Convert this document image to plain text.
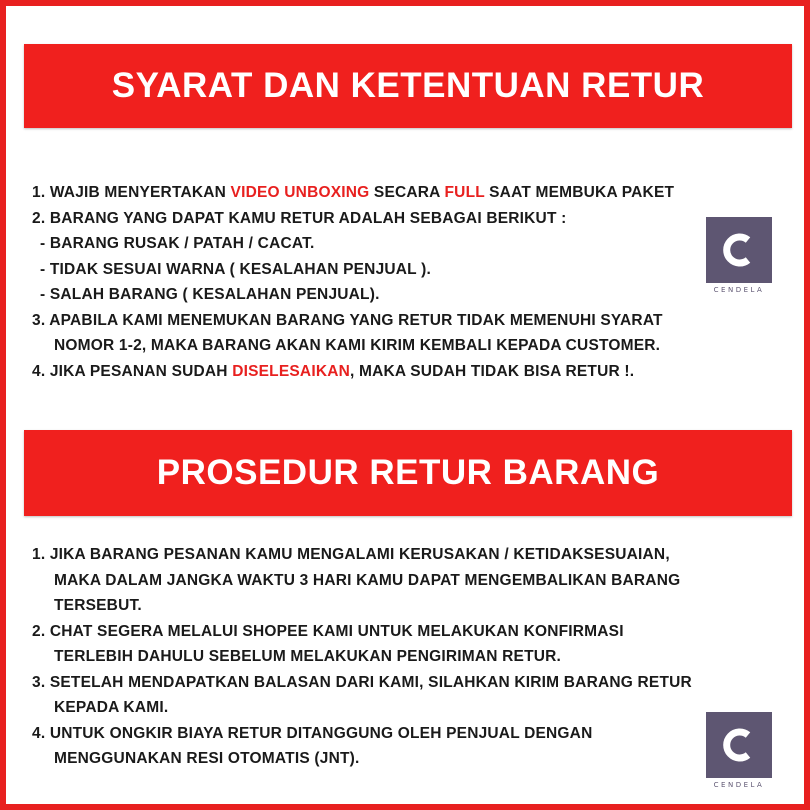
SYARAT DAN KETENTUAN RETUR
1. WAJIB MENYERTAKAN VIDEO UNBOXING SECARA FULL SAAT MEMBUKA PAKET
2. BARANG YANG DAPAT KAMU RETUR ADALAH SEBAGAI BERIKUT :
- BARANG RUSAK / PATAH / CACAT.
- TIDAK SESUAI WARNA ( KESALAHAN PENJUAL ).
- SALAH BARANG ( KESALAHAN PENJUAL).
3. APABILA KAMI MENEMUKAN BARANG YANG RETUR TIDAK MEMENUHI SYARAT
NOMOR 1-2, MAKA BARANG AKAN KAMI KIRIM KEMBALI KEPADA CUSTOMER.
4. JIKA PESANAN SUDAH DISELESAIKAN, MAKA SUDAH TIDAK BISA RETUR !.
CENDELA
PROSEDUR RETUR BARANG
1. JIKA BARANG PESANAN KAMU MENGALAMI KERUSAKAN / KETIDAKSESUAIAN,
MAKA DALAM JANGKA WAKTU 3 HARI KAMU DAPAT MENGEMBALIKAN BARANG
TERSEBUT.
2. CHAT SEGERA MELALUI SHOPEE KAMI UNTUK MELAKUKAN KONFIRMASI
TERLEBIH DAHULU SEBELUM MELAKUKAN PENGIRIMAN RETUR.
3. SETELAH MENDAPATKAN BALASAN DARI KAMI, SILAHKAN KIRIM BARANG RETUR
KEPADA KAMI.
4. UNTUK ONGKIR BIAYA RETUR DITANGGUNG OLEH PENJUAL DENGAN
MENGGUNAKAN RESI OTOMATIS (JNT).
CENDELA
